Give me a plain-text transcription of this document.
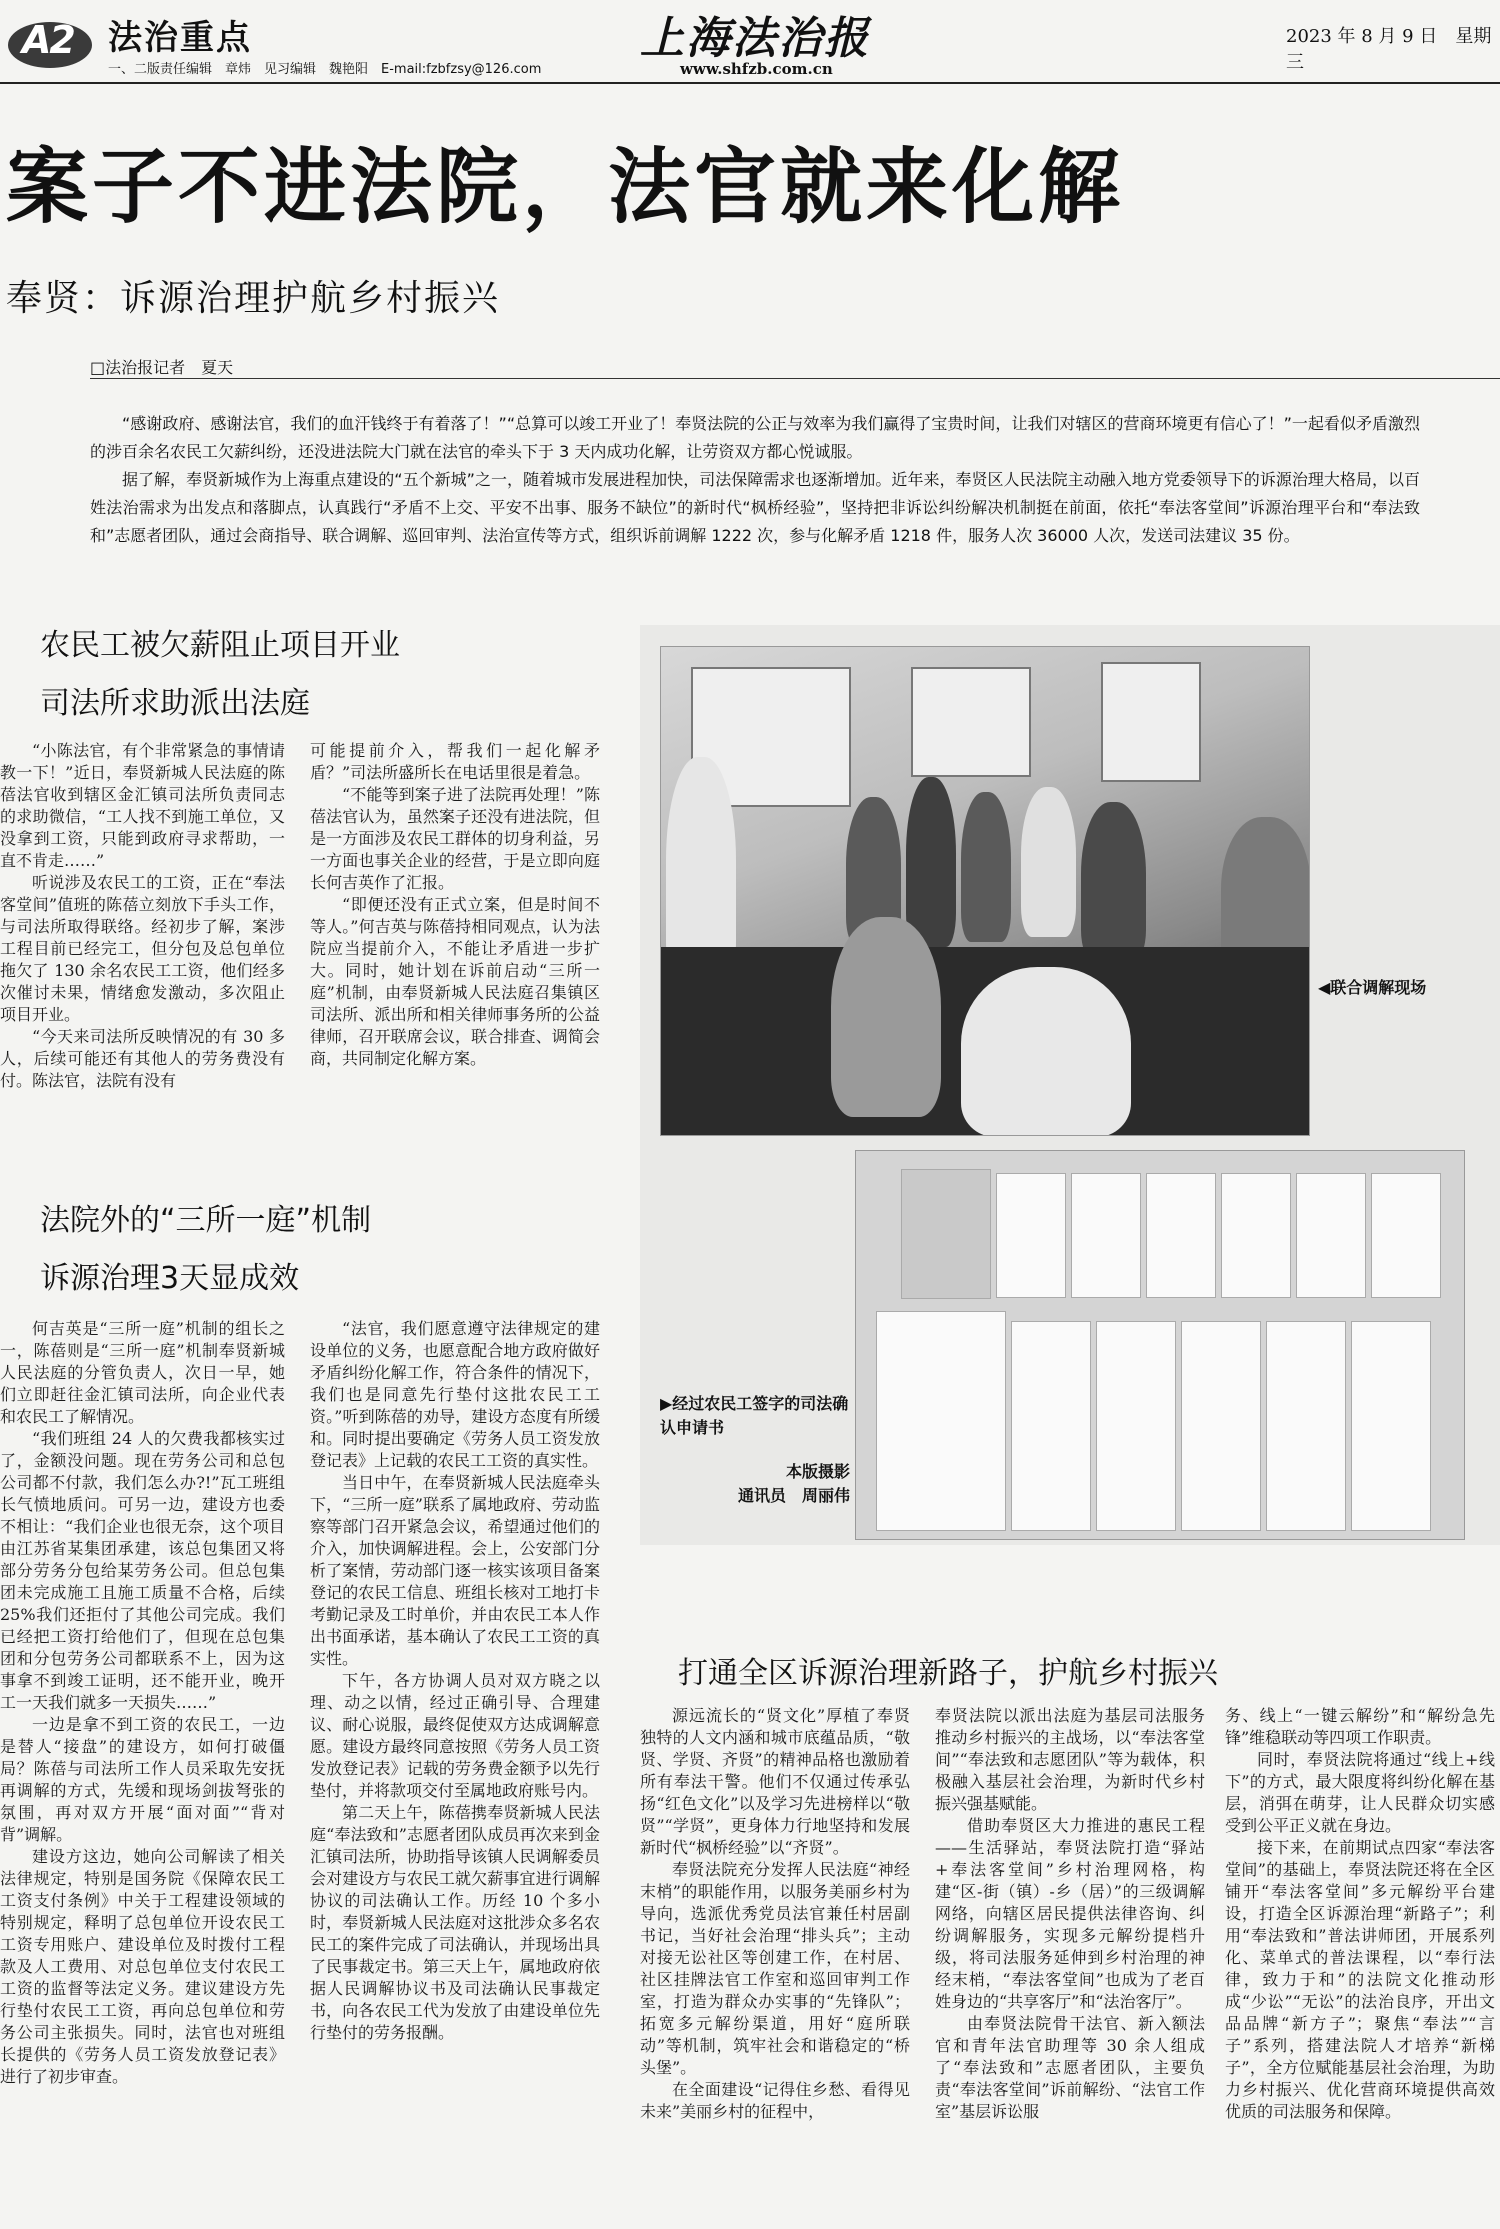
A2 法治重点
一、二版责任编辑　章炜　见习编辑　魏艳阳　E-mail:fzbfzsy@126.com
上海法治报
www.shfzb.com.cn
2023 年 8 月 9 日　星期三
案子不进法院，法官就来化解
奉贤：诉源治理护航乡村振兴
□法治报记者　夏天

“感谢政府、感谢法官，我们的血汗钱终于有着落了！”“总算可以竣工开业了！奉贤法院的公正与效率为我们赢得了宝贵时间，让我们对辖区的营商环境更有信心了！”一起看似矛盾激烈的涉百余名农民工欠薪纠纷，还没进法院大门就在法官的牵头下于 3 天内成功化解，让劳资双方都心悦诚服。

据了解，奉贤新城作为上海重点建设的“五个新城”之一，随着城市发展进程加快，司法保障需求也逐渐增加。近年来，奉贤区人民法院主动融入地方党委领导下的诉源治理大格局，以百姓法治需求为出发点和落脚点，认真践行“矛盾不上交、平安不出事、服务不缺位”的新时代“枫桥经验”，坚持把非诉讼纠纷解决机制挺在前面，依托“奉法客堂间”诉源治理平台和“奉法致和”志愿者团队，通过会商指导、联合调解、巡回审判、法治宣传等方式，组织诉前调解 1222 次，参与化解矛盾 1218 件，服务人次 36000 人次，发送司法建议 35 份。

农民工被欠薪阻止项目开业
司法所求助派出法庭

“小陈法官，有个非常紧急的事情请教一下！”近日，奉贤新城人民法庭的陈蓓法官收到辖区金汇镇司法所负责同志的求助微信，“工人找不到施工单位，又没拿到工资，只能到政府寻求帮助，一直不肯走……”

听说涉及农民工的工资，正在“奉法客堂间”值班的陈蓓立刻放下手头工作，与司法所取得联络。经初步了解，案涉工程目前已经完工，但分包及总包单位拖欠了 130 余名农民工工资，他们经多次催讨未果，情绪愈发激动，多次阻止项目开业。

“今天来司法所反映情况的有 30 多人，后续可能还有其他人的劳务费没有付。陈法官，法院有没有

可能提前介入，帮我们一起化解矛盾？”司法所盛所长在电话里很是着急。

“不能等到案子进了法院再处理！”陈蓓法官认为，虽然案子还没有进法院，但是一方面涉及农民工群体的切身利益，另一方面也事关企业的经营，于是立即向庭长何吉英作了汇报。

“即便还没有正式立案，但是时间不等人。”何吉英与陈蓓持相同观点，认为法院应当提前介入，不能让矛盾进一步扩大。同时，她计划在诉前启动“三所一庭”机制，由奉贤新城人民法庭召集镇区司法所、派出所和相关律师事务所的公益律师，召开联席会议，联合排查、调简会商，共同制定化解方案。

法院外的“三所一庭”机制
诉源治理3天显成效

何吉英是“三所一庭”机制的组长之一，陈蓓则是“三所一庭”机制奉贤新城人民法庭的分管负责人，次日一早，她们立即赶往金汇镇司法所，向企业代表和农民工了解情况。

“我们班组 24 人的欠费我都核实过了，金额没问题。现在劳务公司和总包公司都不付款，我们怎么办?!”瓦工班组长气愤地质问。可另一边，建设方也委不相让：“我们企业也很无奈，这个项目由江苏省某集团承建，该总包集团又将部分劳务分包给某劳务公司。但总包集团未完成施工且施工质量不合格，后续 25%我们还拒付了其他公司完成。我们已经把工资打给他们了，但现在总包集团和分包劳务公司都联系不上，因为这事拿不到竣工证明，还不能开业，晚开工一天我们就多一天损失……”

一边是拿不到工资的农民工，一边是替人“接盘”的建设方，如何打破僵局？陈蓓与司法所工作人员采取先安抚再调解的方式，先缓和现场剑拔弩张的氛围，再对双方开展“面对面”“背对背”调解。

建设方这边，她向公司解读了相关法律规定，特别是国务院《保障农民工工资支付条例》中关于工程建设领域的特别规定，释明了总包单位开设农民工工资专用账户、建设单位及时拨付工程款及人工费用、对总包单位支付农民工工资的监督等法定义务。建议建设方先行垫付农民工工资，再向总包单位和劳务公司主张损失。同时，法官也对班组长提供的《劳务人员工资发放登记表》进行了初步审查。

“法官，我们愿意遵守法律规定的建设单位的义务，也愿意配合地方政府做好矛盾纠纷化解工作，符合条件的情况下，我们也是同意先行垫付这批农民工工资。”听到陈蓓的劝导，建设方态度有所缓和。同时提出要确定《劳务人员工资发放登记表》上记载的农民工工资的真实性。

当日中午，在奉贤新城人民法庭牵头下，“三所一庭”联系了属地政府、劳动监察等部门召开紧急会议，希望通过他们的介入，加快调解进程。会上，公安部门分析了案情，劳动部门逐一核实该项目备案登记的农民工信息、班组长核对工地打卡考勤记录及工时单价，并由农民工本人作出书面承诺，基本确认了农民工工资的真实性。

下午，各方协调人员对双方晓之以理、动之以情，经过正确引导、合理建议、耐心说服，最终促使双方达成调解意愿。建设方最终同意按照《劳务人员工资发放登记表》记载的劳务费金额予以先行垫付，并将款项交付至属地政府账号内。

第二天上午，陈蓓携奉贤新城人民法庭“奉法致和”志愿者团队成员再次来到金汇镇司法所，协助指导该镇人民调解委员会对建设方与农民工就欠薪事宜进行调解协议的司法确认工作。历经 10 个多小时，奉贤新城人民法庭对这批涉众多名农民工的案件完成了司法确认，并现场出具了民事裁定书。第三天上午，属地政府依据人民调解协议书及司法确认民事裁定书，向各农民工代为发放了由建设单位先行垫付的劳务报酬。

◀联合调解现场
▶经过农民工签字的司法确认申请书
本版摄影
通讯员　周丽伟
打通全区诉源治理新路子，护航乡村振兴

源远流长的“贤文化”厚植了奉贤独特的人文内涵和城市底蕴品质，“敬贤、学贤、齐贤”的精神品格也激励着所有奉法干警。他们不仅通过传承弘扬“红色文化”以及学习先进榜样以“敬贤”“学贤”，更身体力行地坚持和发展新时代“枫桥经验”以“齐贤”。

奉贤法院充分发挥人民法庭“神经末梢”的职能作用，以服务美丽乡村为导向，选派优秀党员法官兼任村居副书记，当好社会治理“排头兵”；主动对接无讼社区等创建工作，在村居、社区挂牌法官工作室和巡回审判工作室，打造为群众办实事的“先锋队”；拓宽多元解纷渠道，用好“庭所联动”等机制，筑牢社会和谐稳定的“桥头堡”。

在全面建设“记得住乡愁、看得见未来”美丽乡村的征程中，

奉贤法院以派出法庭为基层司法服务推动乡村振兴的主战场，以“奉法客堂间”“奉法致和志愿团队”等为载体，积极融入基层社会治理，为新时代乡村振兴强基赋能。

借助奉贤区大力推进的惠民工程——生活驿站，奉贤法院打造“驿站+奉法客堂间”乡村治理网格，构建“区-街（镇）-乡（居）”的三级调解网络，向辖区居民提供法律咨询、纠纷调解服务，实现多元解纷提档升级，将司法服务延伸到乡村治理的神经末梢，“奉法客堂间”也成为了老百姓身边的“共享客厅”和“法治客厅”。

由奉贤法院骨干法官、新入额法官和青年法官助理等 30 余人组成了“奉法致和”志愿者团队，主要负责“奉法客堂间”诉前解纷、“法官工作室”基层诉讼服

务、线上“一键云解纷”和“解纷急先锋”维稳联动等四项工作职责。

同时，奉贤法院将通过“线上+线下”的方式，最大限度将纠纷化解在基层，消弭在萌芽，让人民群众切实感受到公平正义就在身边。

接下来，在前期试点四家“奉法客堂间”的基础上，奉贤法院还将在全区铺开“奉法客堂间”多元解纷平台建设，打造全区诉源治理“新路子”；利用“奉法致和”普法讲师团，开展系列化、菜单式的普法课程，以“奉行法律，致力于和”的法院文化推动形成“少讼”“无讼”的法治良序，开出文品品牌“新方子”；聚焦“奉法”“言子”系列，搭建法院人才培养“新梯子”，全方位赋能基层社会治理，为助力乡村振兴、优化营商环境提供高效优质的司法服务和保障。
